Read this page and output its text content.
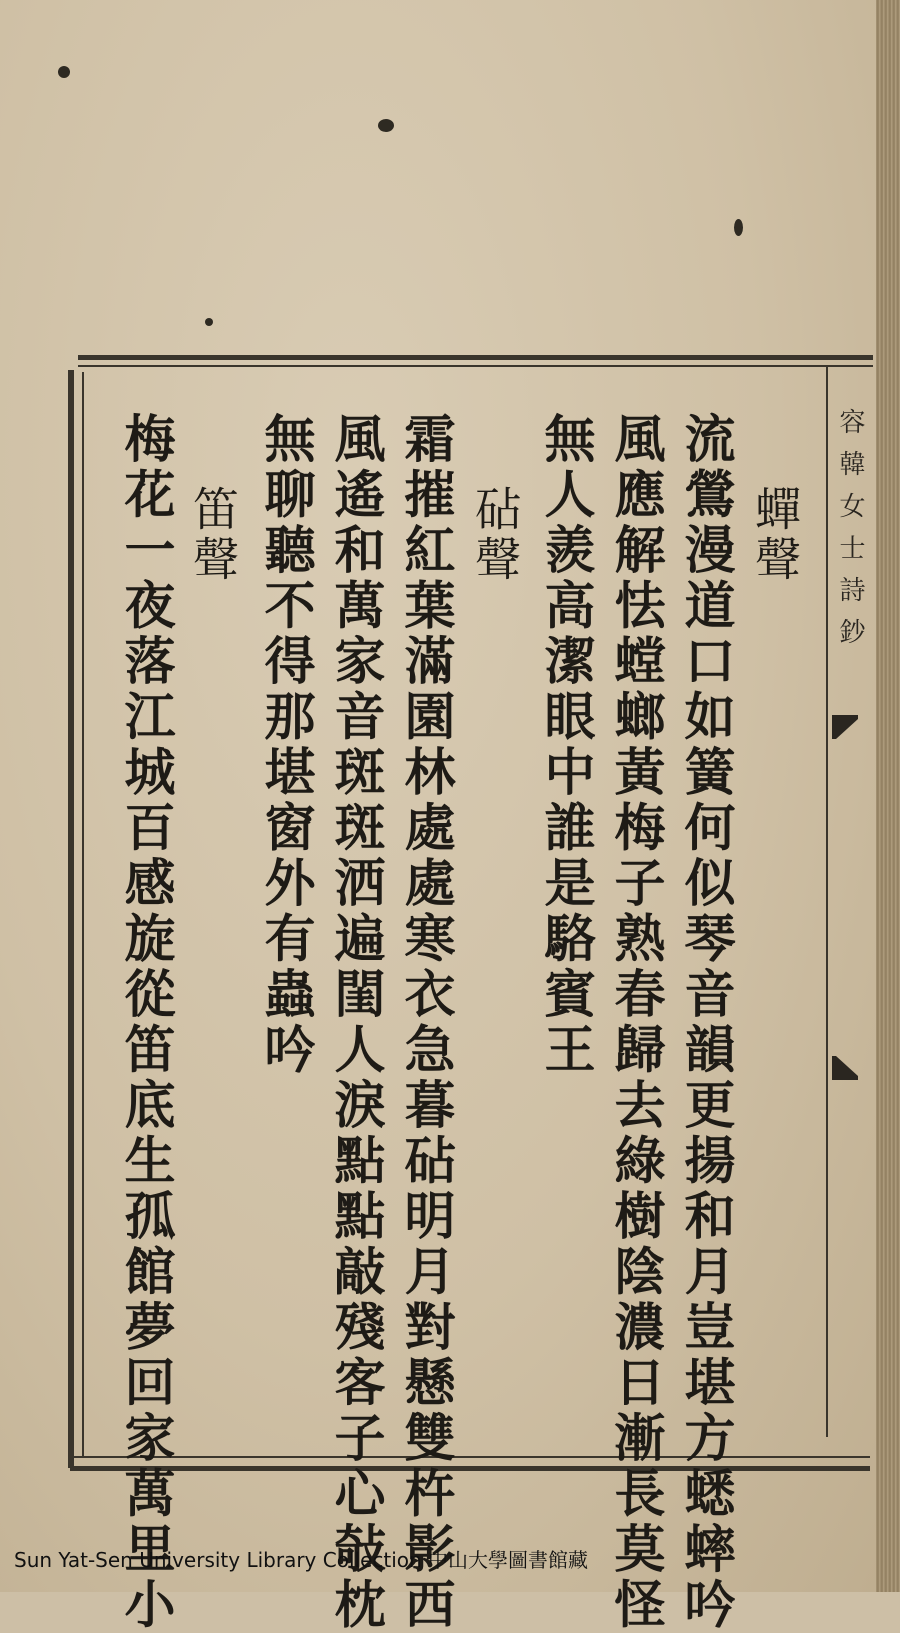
容韓女士詩鈔
蟬聲
流鶯漫道口如簧何似琴音韻更揚和月豈堪方蟋蟀吟
風應解怯螳螂黃梅子熟春歸去綠樹陰濃日漸長莫怪
無人羨高潔眼中誰是駱賓王
砧聲
霜摧紅葉滿園林處處寒衣急暮砧明月對懸雙杵影西
風遙和萬家音斑斑洒遍閨人淚點點敲殘客子心敧枕
無聊聽不得那堪窗外有蟲吟
笛聲
梅花一夜落江城百感旋從笛底生孤館夢回家萬里小
Sun Yat-Sen University Library Collection 中山大學圖書館藏
